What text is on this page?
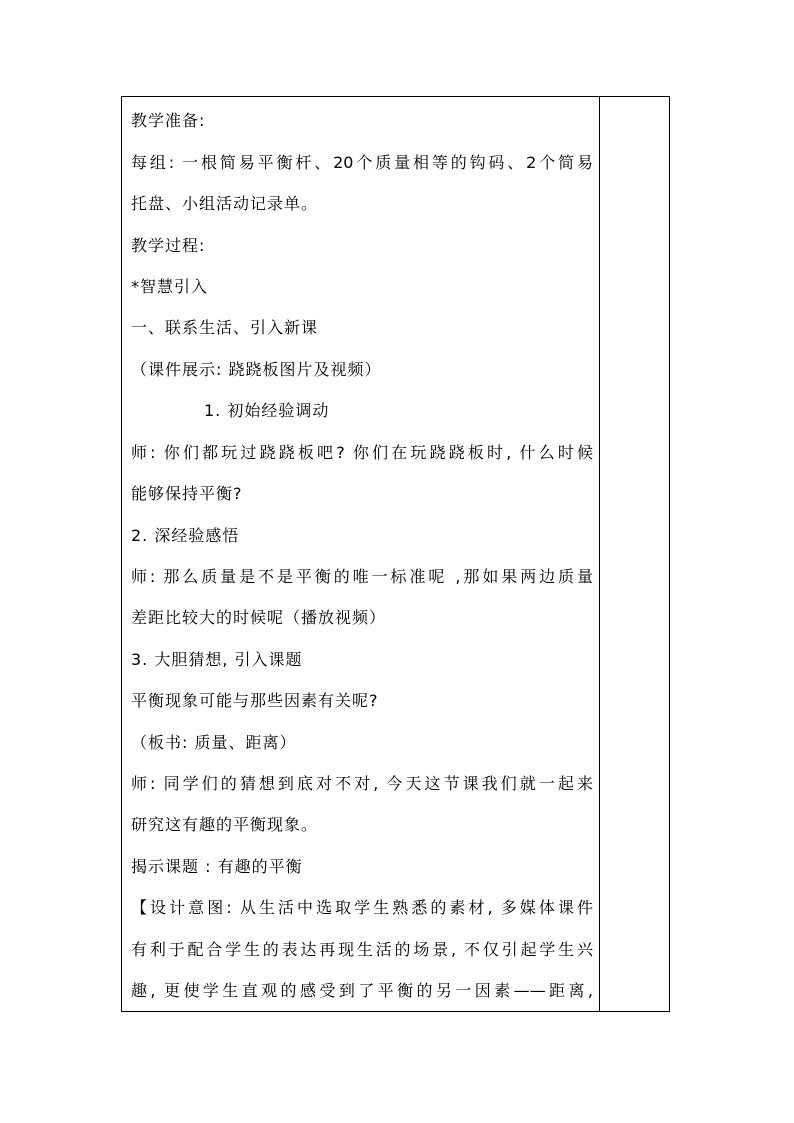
教学准备:
每组: 一根简易平衡杆、20个质量相等的钩码、2个简易
托盘、小组活动记录单。
教学过程:
*智慧引入
一、联系生活、引入新课
（课件展示: 跷跷板图片及视频）
1. 初始经验调动
师: 你们都玩过跷跷板吧? 你们在玩跷跷板时, 什么时候
能够保持平衡?
2. 深经验感悟
师: 那么质量是不是平衡的唯一标准呢 ,那如果两边质量
差距比较大的时候呢（播放视频）
3. 大胆猜想, 引入课题
平衡现象可能与那些因素有关呢?
（板书: 质量、距离）
师: 同学们的猜想到底对不对, 今天这节课我们就一起来
研究这有趣的平衡现象。
揭示课题 : 有趣的平衡
【设计意图: 从生活中选取学生熟悉的素材, 多媒体课件
有利于配合学生的表达再现生活的场景, 不仅引起学生兴
趣, 更使学生直观的感受到了平衡的另一因素——距离,
